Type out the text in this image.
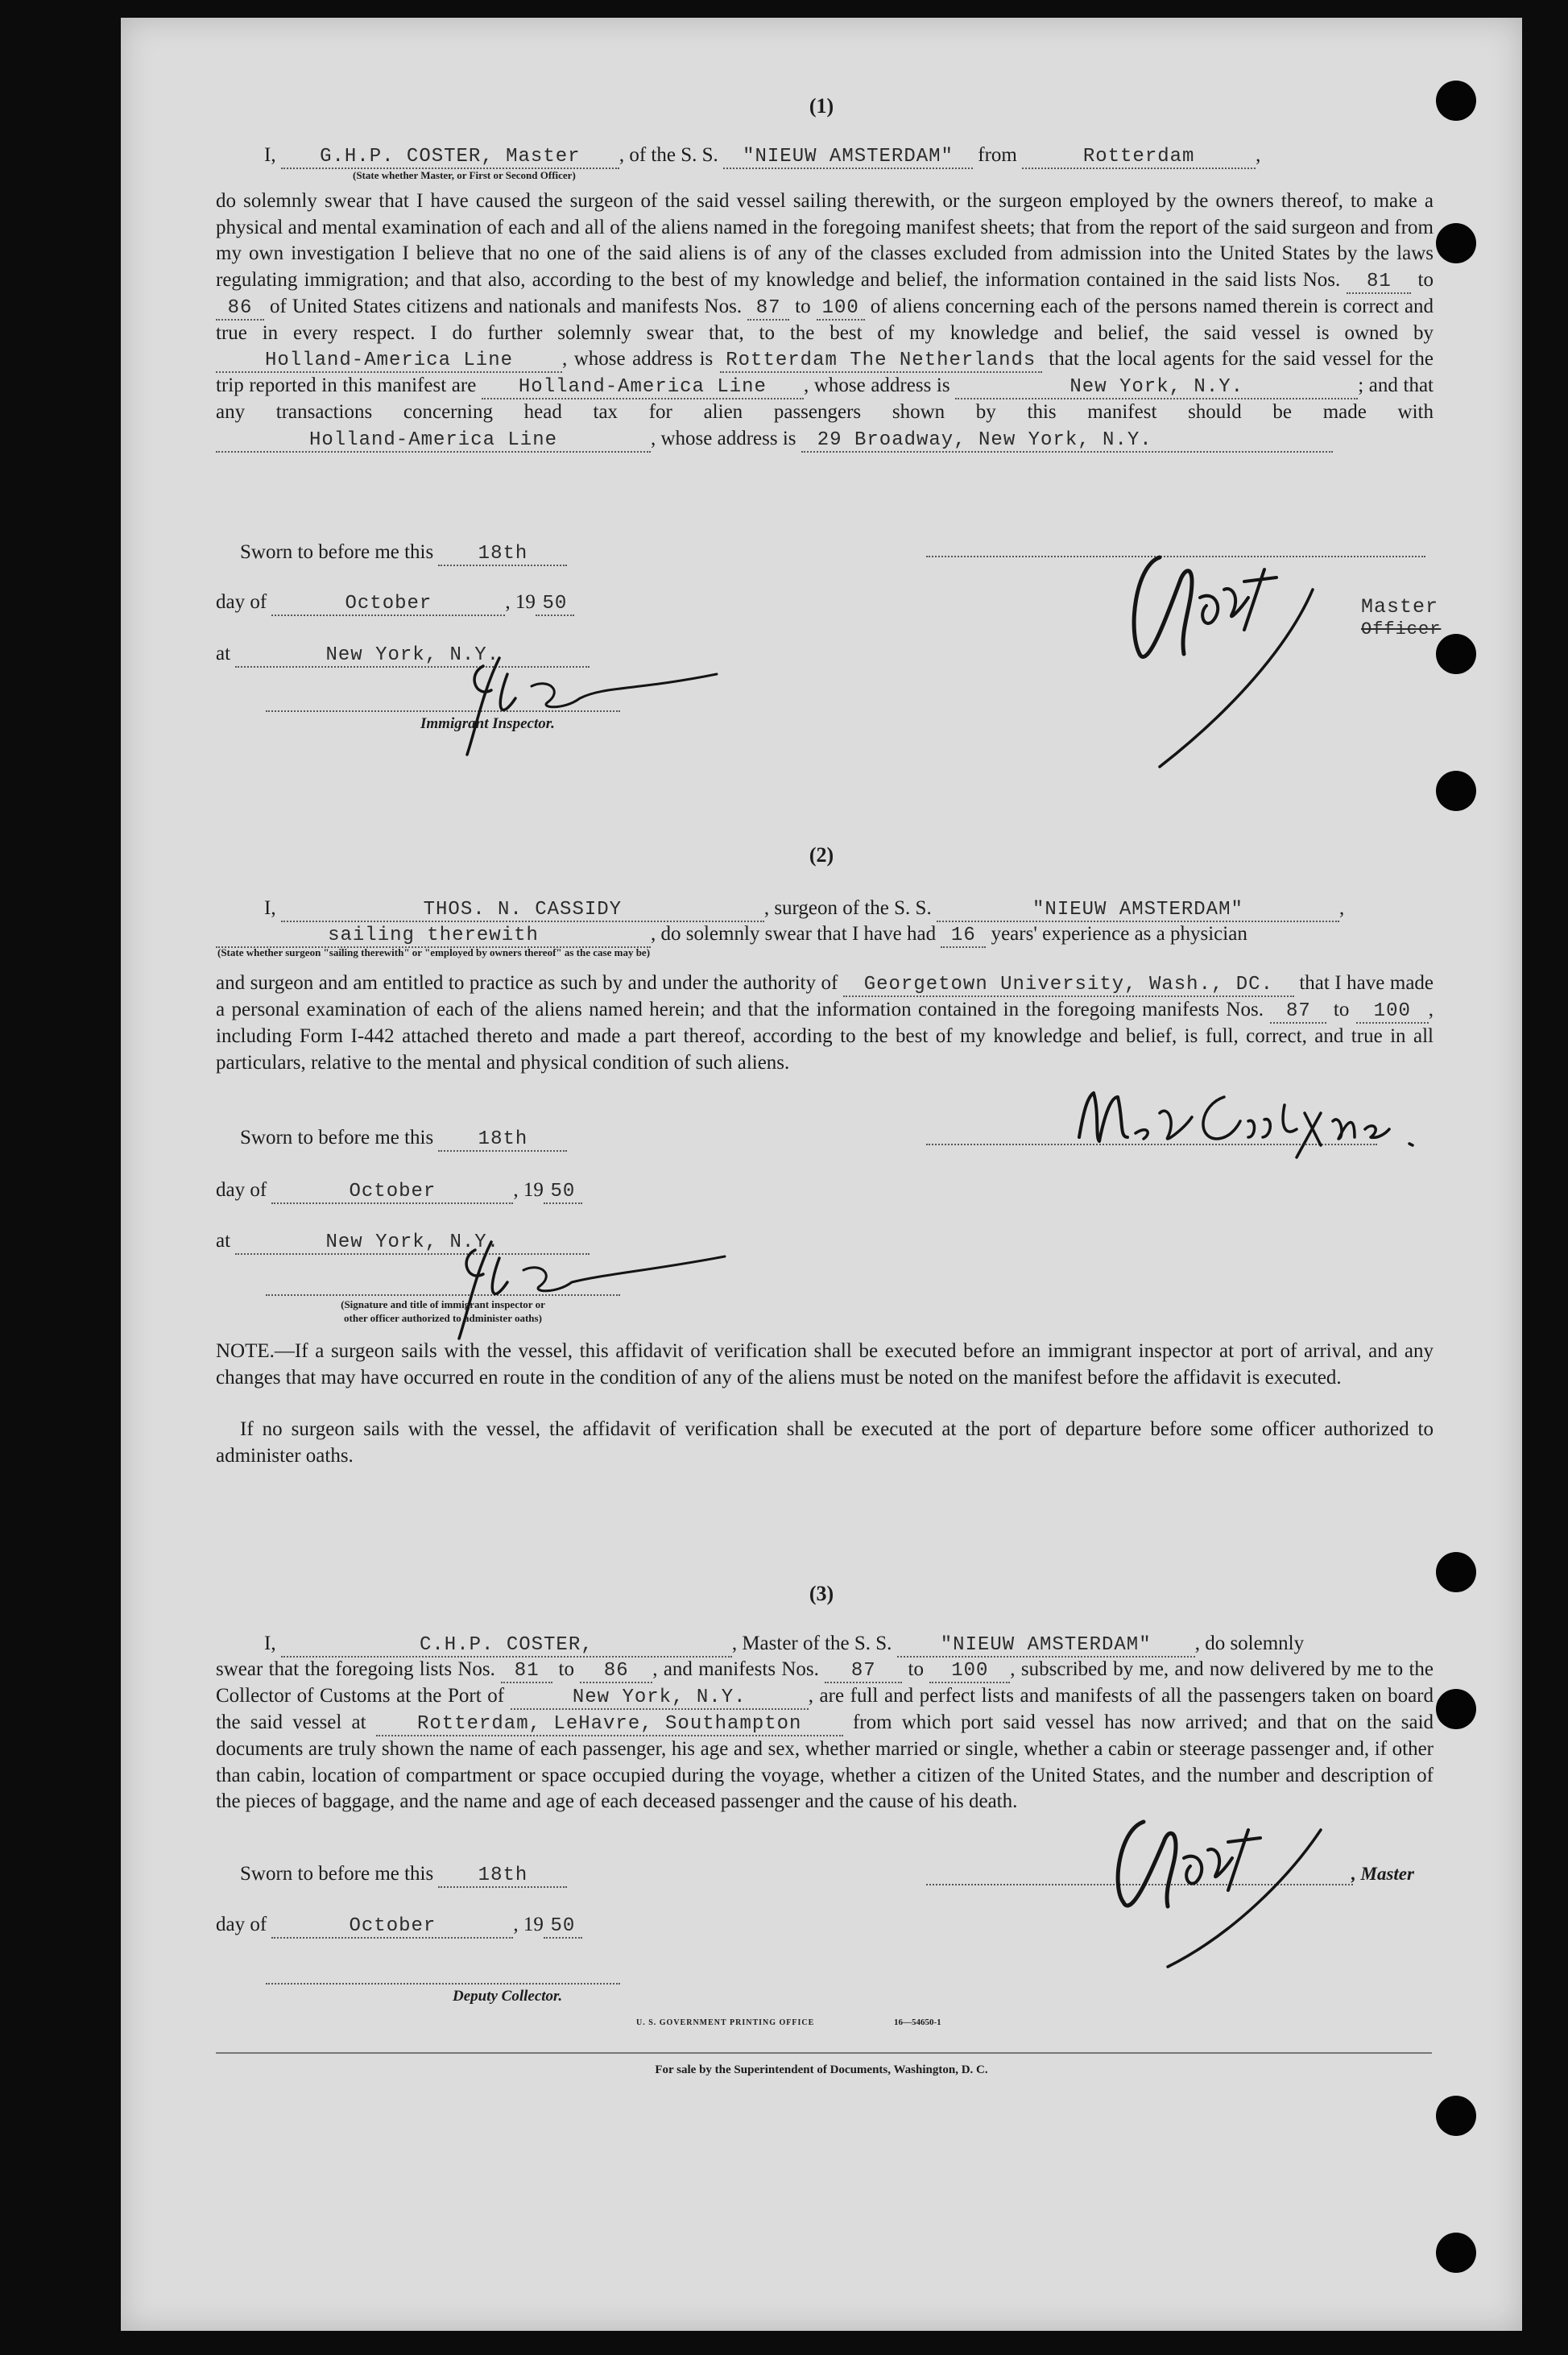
(1)
I, G.H.P. COSTER, Master , of the S. S. "NIEUW AMSTERDAM" from	Rotterdam	,
(State whether Master, or First or Second Officer)
do solemnly swear that I have caused the surgeon of the said vessel sailing therewith, or the surgeon employed by the owners thereof, to make a physical and mental examination of each and all of the aliens named in the foregoing manifest sheets; that from the report of the said surgeon and from my own investigation I believe that no one of the said aliens is of any of the classes excluded from admission into the United States by the laws regulating immigration; and that also, according to the best of my knowledge and belief, the information contained in the said lists Nos. 81 to 86 of United States citizens and nationals and manifests Nos. 87 to 100 of aliens concerning each of the persons named therein is correct and true in every respect. I do further solemnly swear that, to the best of my knowledge and belief, the said vessel is owned by Holland-America Line , whose address is Rotterdam The Netherlands that the local agents for the said vessel for the trip reported in this manifest are Holland-America Line , whose address is	New York, N.Y.	; and that any transactions concerning head tax for alien passengers shown by this manifest should be made with Holland-America Line	, whose address is 29 Broadway, New York, N.Y.
Sworn to before me this 18th
day of	October	, 19 50
at	New York, N.Y.
Immigrant Inspector.
Master
Officer
(2)
I,	THOS. N. CASSIDY	, surgeon of the S. S.	"NIEUW AMSTERDAM"	,
sailing therewith	, do solemnly swear that I have had 16 years' experience as a physician
(State whether surgeon "sailing therewith" or "employed by owners thereof" as the case may be)
and surgeon and am entitled to practice as such by and under the authority of Georgetown University, Wash., DC. that I have made a personal examination of each of the aliens named herein; and that the information contained in the foregoing manifests Nos. 87 to 100 , including Form I-442 attached thereto and made a part thereof, according to the best of my knowledge and belief, is full, correct, and true in all particulars, relative to the mental and physical condition of such aliens.
Sworn to before me this 18th
day of	October	, 19 50
at	New York, N.Y.
(Signature and title of immigrant inspector or
other officer authorized to administer oaths)
NOTE.—If a surgeon sails with the vessel, this affidavit of verification shall be executed before an immigrant inspector at port of arrival, and any changes that may have occurred en route in the condition of any of the aliens must be noted on the manifest before the affidavit is executed.
If no surgeon sails with the vessel, the affidavit of verification shall be executed at the port of departure before some officer authorized to administer oaths.
(3)
I,	C.H.P. COSTER,	, Master of the S. S.	"NIEUW AMSTERDAM" , do solemnly
swear that the foregoing lists Nos. 81 to 86 , and manifests Nos. 87 to 100 , subscribed by me, and now delivered by me to the Collector of Customs at the Port of	New York, N.Y.	, are full and perfect lists and manifests of all the passengers taken on board the said vessel at	Rotterdam, LeHavre, Southampton	from which port said vessel has now arrived; and that on the said documents are truly shown the name of each passenger, his age and sex, whether married or single, whether a cabin or steerage passenger and, if other than cabin, location of compartment or space occupied during the voyage, whether a citizen of the United States, and the number and description of the pieces of baggage, and the name and age of each deceased passenger and the cause of his death.
Sworn to before me this 18th
day of	October	, 19 50
Deputy Collector.
, Master
U. S. GOVERNMENT PRINTING OFFICE	16—54650-1
For sale by the Superintendent of Documents, Washington, D. C.
